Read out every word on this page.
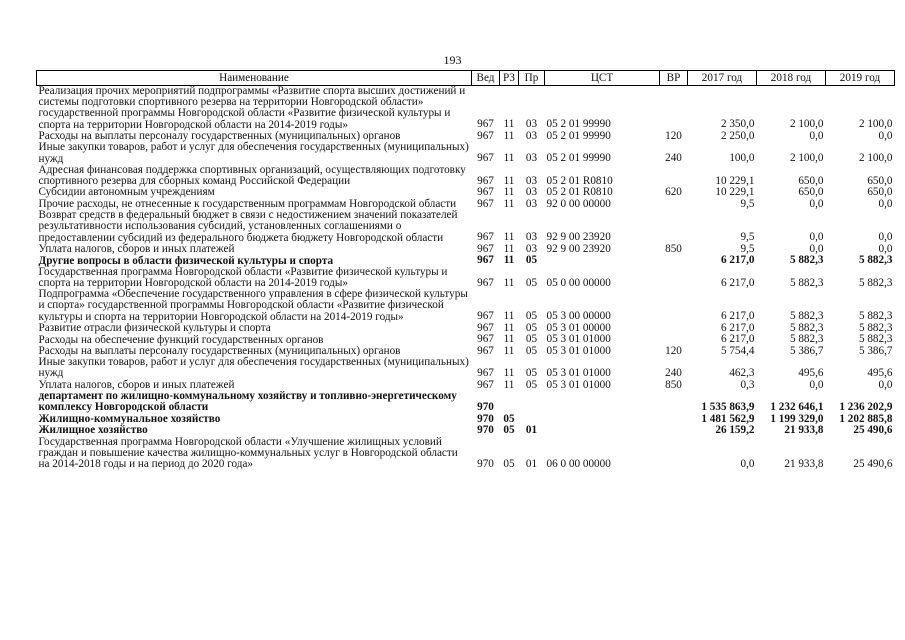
193
Наименование	Вед	РЗ	Пр	ЦСТ	ВР	2017 год	2018 год	2019 год
Реализация прочих мероприятий подпрограммы «Развитие спорта высших достижений и системы подготовки спортивного резерва на территории Новгородской области» государственной программы Новгородской области «Развитие физической культуры и спорта на территории Новгородской области на 2014-2019 годы»	967	11	03	05 2 01 99990		2 350,0	2 100,0	2 100,0
Расходы на выплаты персоналу государственных (муниципальных) органов	967	11	03	05 2 01 99990	120	2 250,0	0,0	0,0
Иные закупки товаров, работ и услуг для обеспечения государственных (муниципальных) нужд	967	11	03	05 2 01 99990	240	100,0	2 100,0	2 100,0
Адресная финансовая поддержка спортивных организаций, осуществляющих подготовку спортивного резерва для сборных команд Российской Федерации	967	11	03	05 2 01 R0810		10 229,1	650,0	650,0
Субсидии автономным учреждениям	967	11	03	05 2 01 R0810	620	10 229,1	650,0	650,0
Прочие расходы, не отнесенные к государственным программам Новгородской области	967	11	03	92 0 00 00000		9,5	0,0	0,0
Возврат средств в федеральный бюджет в связи с недостижением значений показателей результативности использования субсидий, установленных соглашениями о предоставлении субсидий из федерального бюджета бюджету Новгородской области	967	11	03	92 9 00 23920		9,5	0,0	0,0
Уплата налогов, сборов и иных платежей	967	11	03	92 9 00 23920	850	9,5	0,0	0,0
Другие вопросы в области физической культуры и спорта	967	11	05			6 217,0	5 882,3	5 882,3
Государственная программа Новгородской области «Развитие физической культуры и спорта на территории Новгородской области на 2014-2019 годы»	967	11	05	05 0 00 00000		6 217,0	5 882,3	5 882,3
Подпрограмма «Обеспечение государственного управления в сфере физической культуры и спорта» государственной программы Новгородской области «Развитие физической культуры и спорта на территории Новгородской области на 2014-2019 годы»	967	11	05	05 3 00 00000		6 217,0	5 882,3	5 882,3
Развитие отрасли физической культуры и спорта	967	11	05	05 3 01 00000		6 217,0	5 882,3	5 882,3
Расходы на обеспечение функций государственных органов	967	11	05	05 3 01 01000		6 217,0	5 882,3	5 882,3
Расходы на выплаты персоналу государственных (муниципальных) органов	967	11	05	05 3 01 01000	120	5 754,4	5 386,7	5 386,7
Иные закупки товаров, работ и услуг для обеспечения государственных (муниципальных) нужд	967	11	05	05 3 01 01000	240	462,3	495,6	495,6
Уплата налогов, сборов и иных платежей	967	11	05	05 3 01 01000	850	0,3	0,0	0,0
департамент по жилищно-коммунальному хозяйству и топливно-энергетическому комплексу Новгородской области	970					1 535 863,9	1 232 646,1	1 236 202,9
Жилищно-коммунальное хозяйство	970	05				1 481 562,9	1 199 329,0	1 202 885,8
Жилищное хозяйство	970	05	01			26 159,2	21 933,8	25 490,6
Государственная программа Новгородской области «Улучшение жилищных условий граждан и повышение качества жилищно-коммунальных услуг в Новгородской области на 2014-2018 годы и на период до 2020 года»	970	05	01	06 0 00 00000		0,0	21 933,8	25 490,6
